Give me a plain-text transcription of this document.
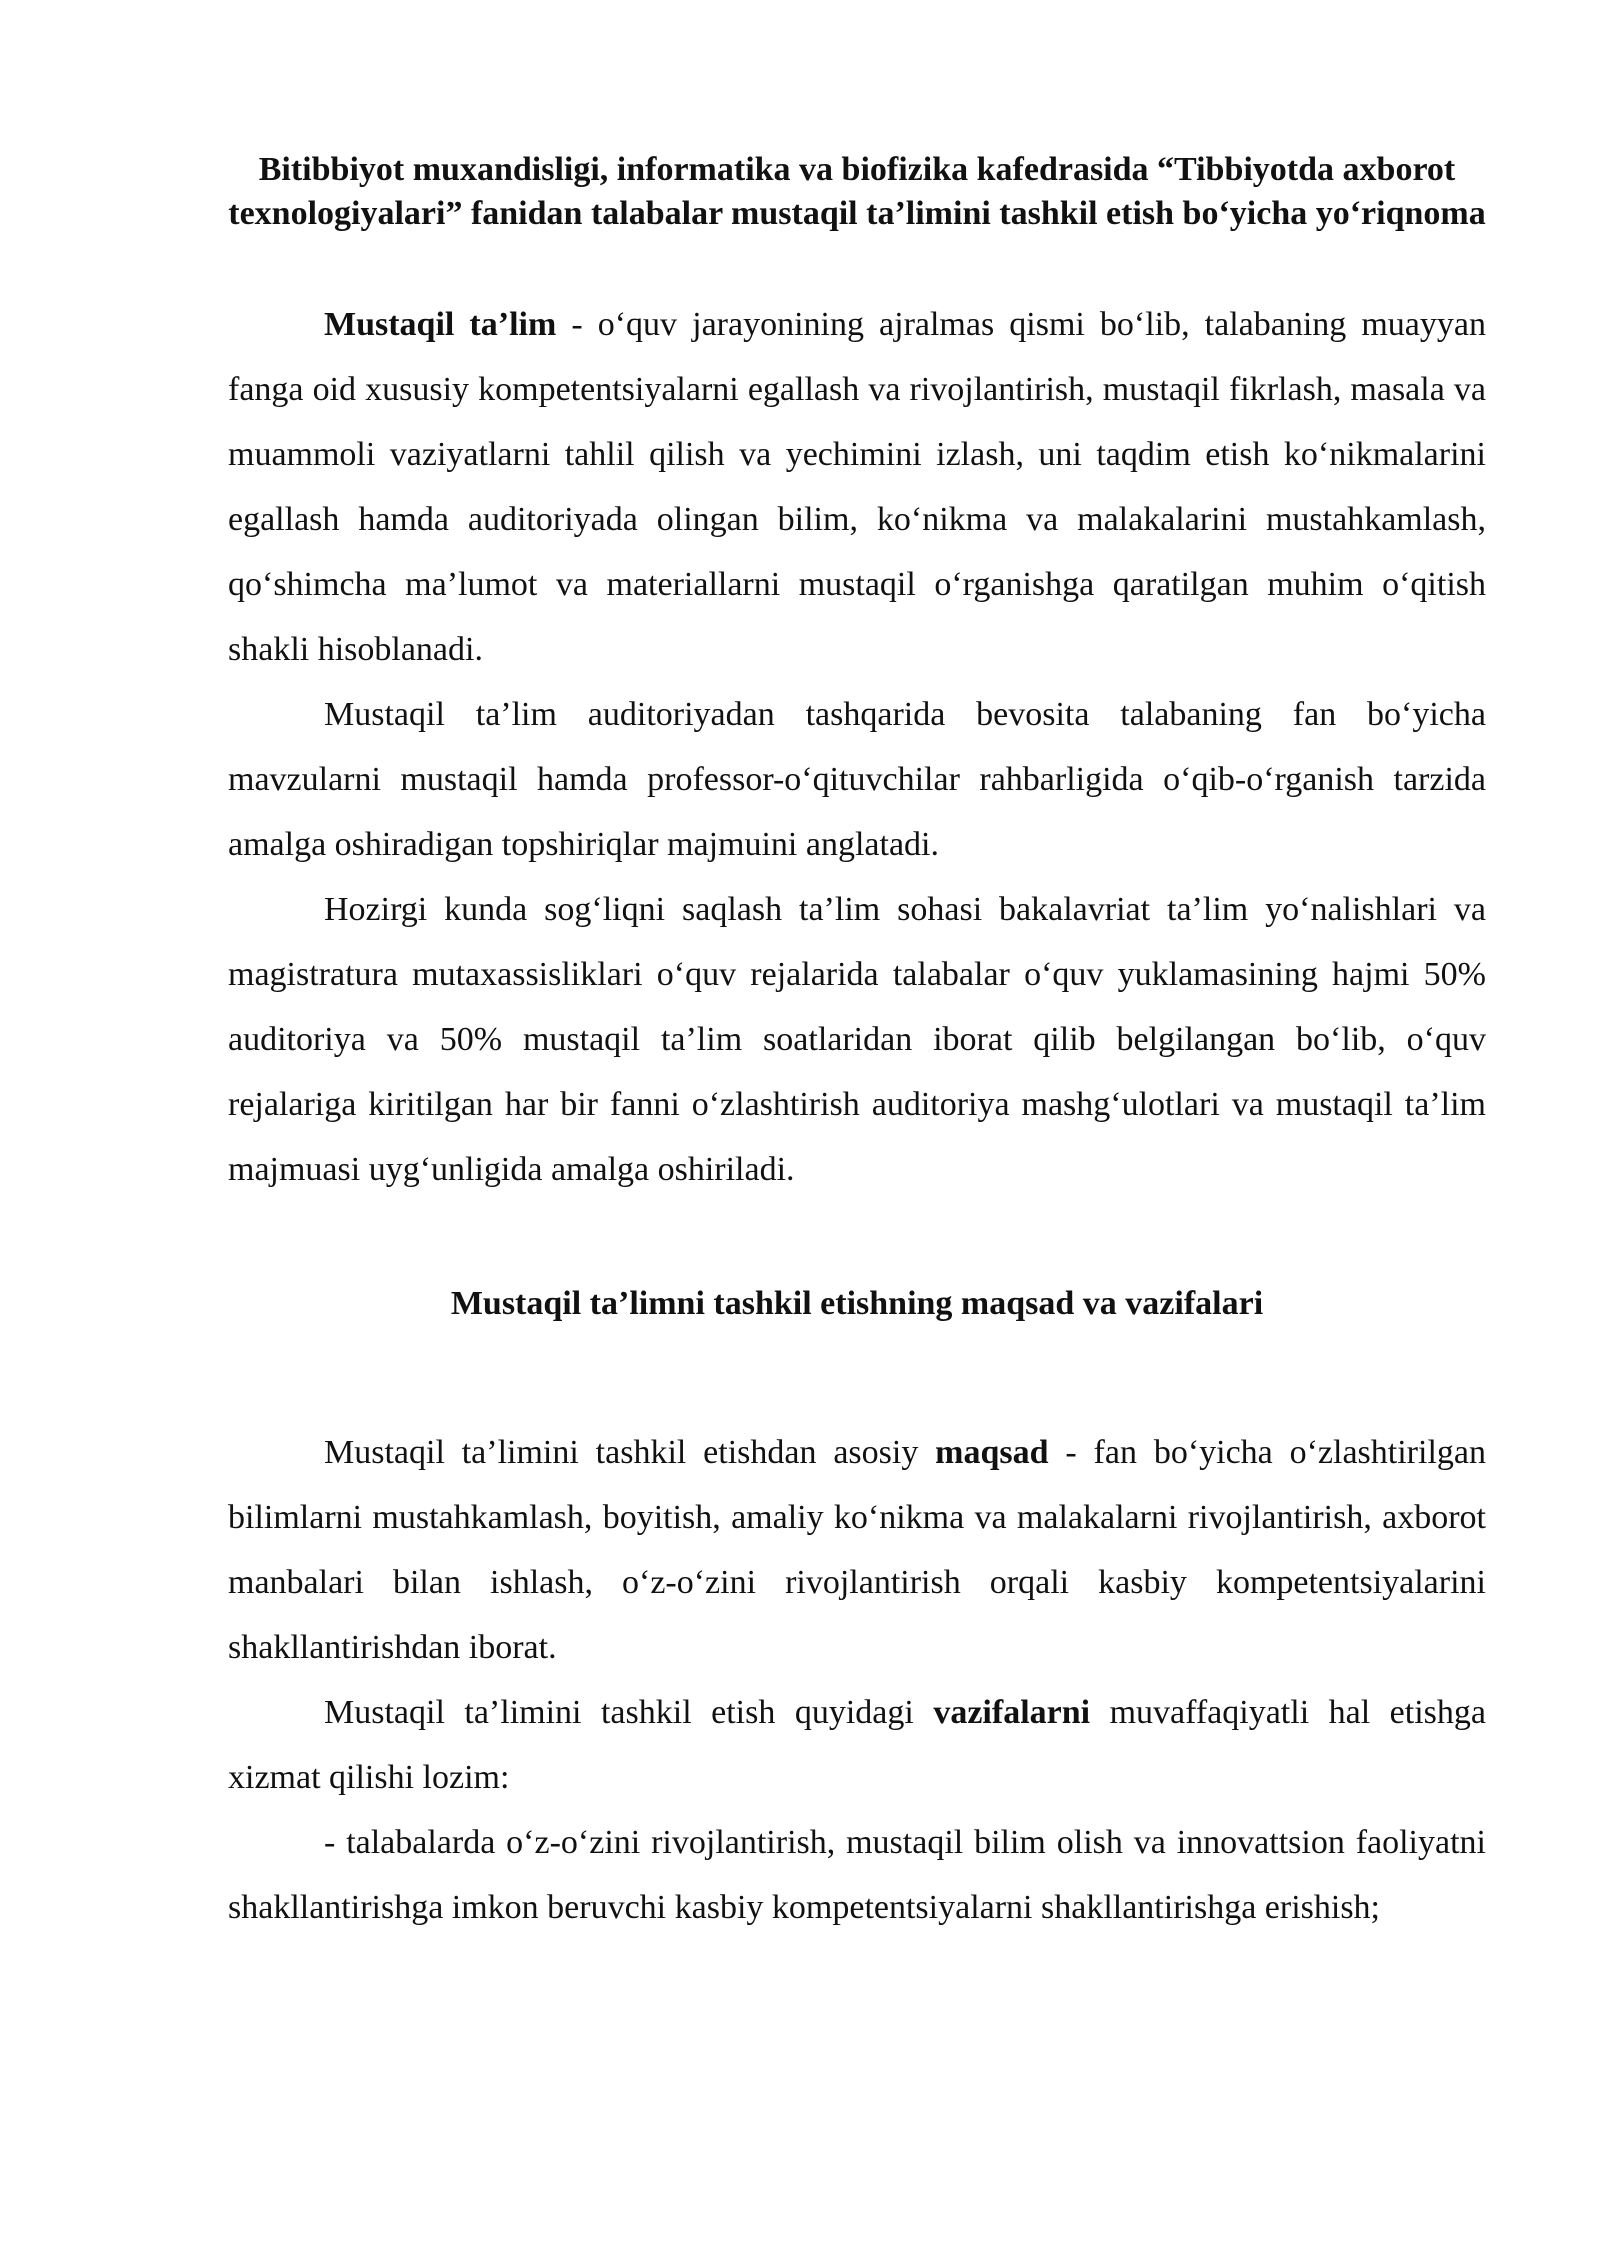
Bitibbiyot muxandisligi, informatika va biofizika kafedrasida “Tibbiyotda axborot texnologiyalari” fanidan talabalar mustaqil ta’limini tashkil etish bo‘yicha yo‘riqnoma

Mustaqil ta’lim - o‘quv jarayonining ajralmas qismi bo‘lib, talabaning muayyan fanga oid xususiy kompetentsiyalarni egallash va rivojlantirish, mustaqil fikrlash, masala va muammoli vaziyatlarni tahlil qilish va yechimini izlash, uni taqdim etish ko‘nikmalarini egallash hamda auditoriyada olingan bilim, ko‘nikma va malakalarini mustahkamlash, qo‘shimcha ma’lumot va materiallarni mustaqil o‘rganishga qaratilgan muhim o‘qitish shakli hisoblanadi.

Mustaqil ta’lim auditoriyadan tashqarida bevosita talabaning fan bo‘yicha mavzularni mustaqil hamda professor-o‘qituvchilar rahbarligida o‘qib-o‘rganish tarzida amalga oshiradigan topshiriqlar majmuini anglatadi.

Hozirgi kunda sog‘liqni saqlash ta’lim sohasi bakalavriat ta’lim yo‘nalishlari va magistratura mutaxassisliklari o‘quv rejalarida talabalar o‘quv yuklamasining hajmi 50% auditoriya va 50% mustaqil ta’lim soatlaridan iborat qilib belgilangan bo‘lib, o‘quv rejalariga kiritilgan har bir fanni o‘zlashtirish auditoriya mashg‘ulotlari va mustaqil ta’lim majmuasi uyg‘unligida amalga oshiriladi.

Mustaqil ta’limni tashkil etishning maqsad va vazifalari

Mustaqil ta’limini tashkil etishdan asosiy maqsad - fan bo‘yicha o‘zlashtirilgan bilimlarni mustahkamlash, boyitish, amaliy ko‘nikma va malakalarni rivojlantirish, axborot manbalari bilan ishlash, o‘z-o‘zini rivojlantirish orqali kasbiy kompetentsiyalarini shakllantirishdan iborat.

Mustaqil ta’limini tashkil etish quyidagi vazifalarni muvaffaqiyatli hal etishga xizmat qilishi lozim:

- talabalarda o‘z-o‘zini rivojlantirish, mustaqil bilim olish va innovattsion faoliyatni shakllantirishga imkon beruvchi kasbiy kompetentsiyalarni shakllantirishga erishish;
